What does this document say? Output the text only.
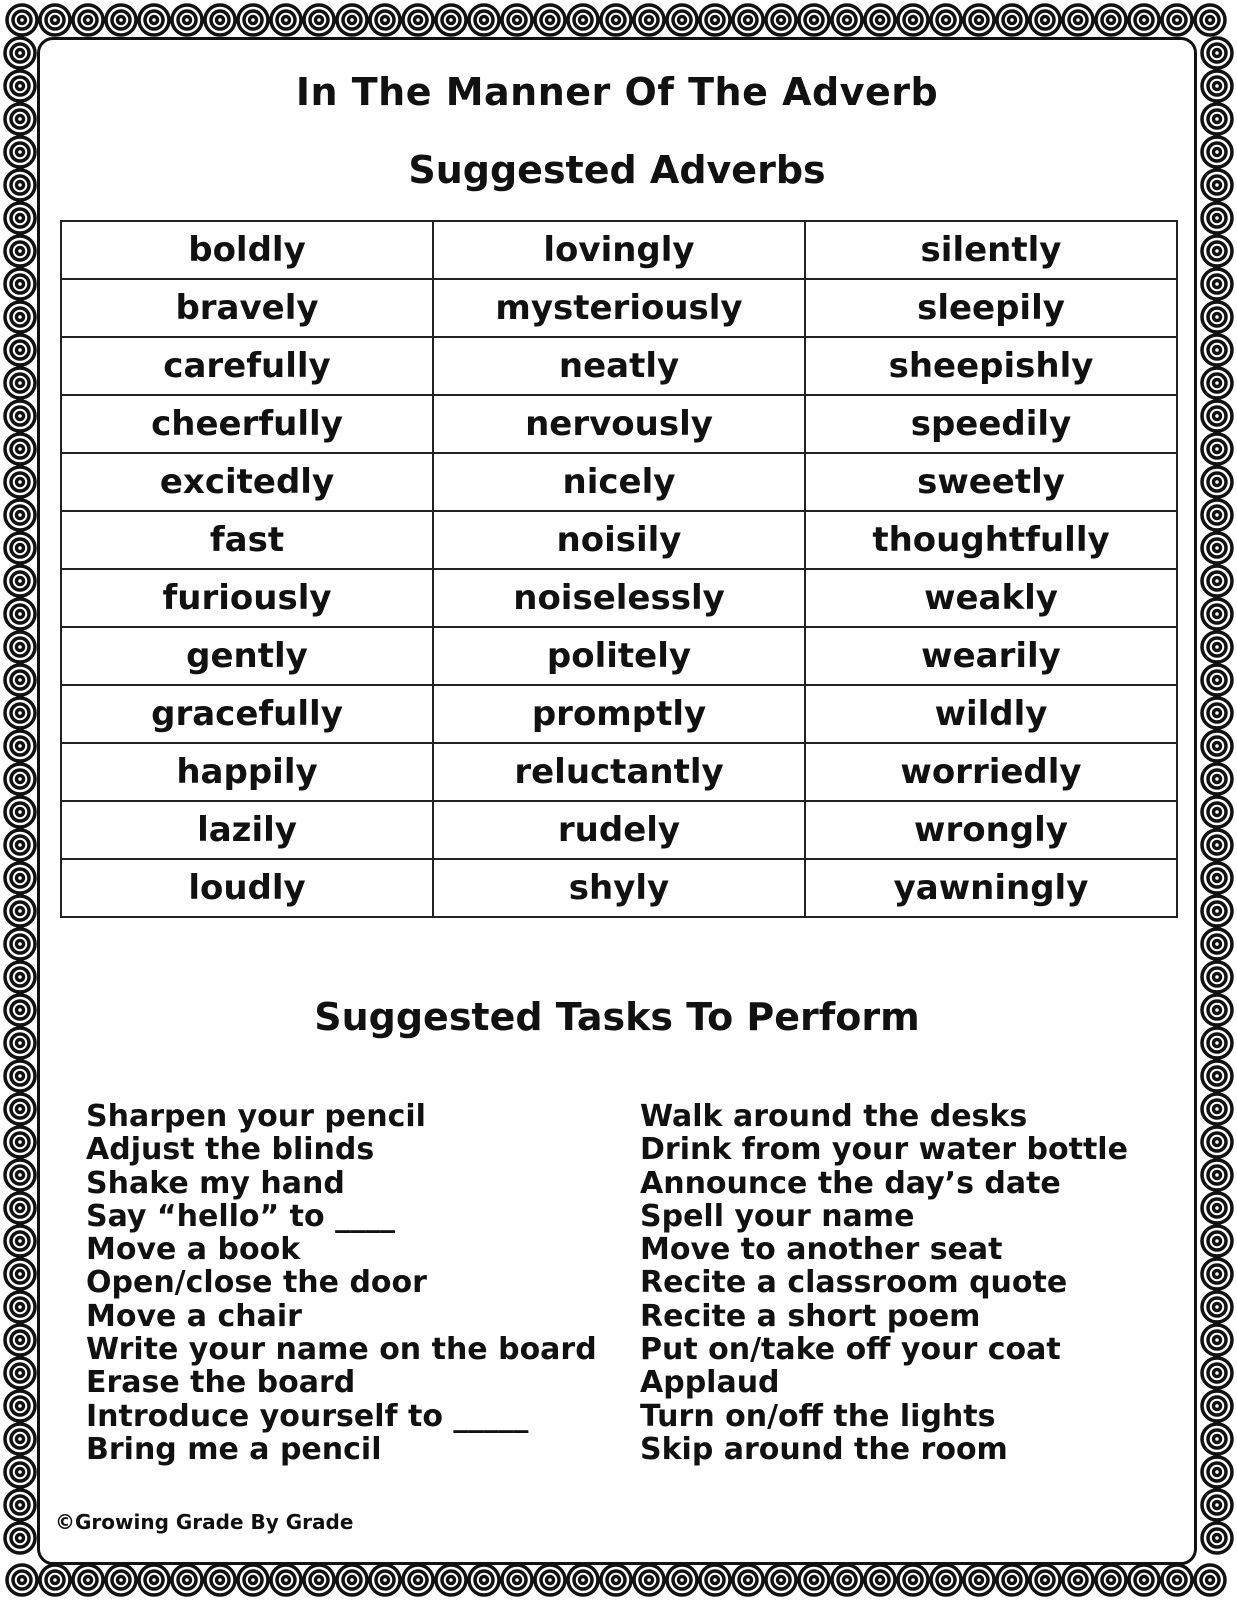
In The Manner Of The Adverb
Suggested Adverbs
boldly	lovingly	silently
bravely	mysteriously	sleepily
carefully	neatly	sheepishly
cheerfully	nervously	speedily
excitedly	nicely	sweetly
fast	noisily	thoughtfully
furiously	noiselessly	weakly
gently	politely	wearily
gracefully	promptly	wildly
happily	reluctantly	worriedly
lazily	rudely	wrongly
loudly	shyly	yawningly
Suggested Tasks To Perform
Sharpen your pencil
Adjust the blinds
Shake my hand
Say “hello” to ____
Move a book
Open/close the door
Move a chair
Write your name on the board
Erase the board
Introduce yourself to _____
Bring me a pencil
Walk around the desks
Drink from your water bottle
Announce the day’s date
Spell your name
Move to another seat
Recite a classroom quote
Recite a short poem
Put on/take off your coat
Applaud
Turn on/off the lights
Skip around the room
©Growing Grade By Grade
